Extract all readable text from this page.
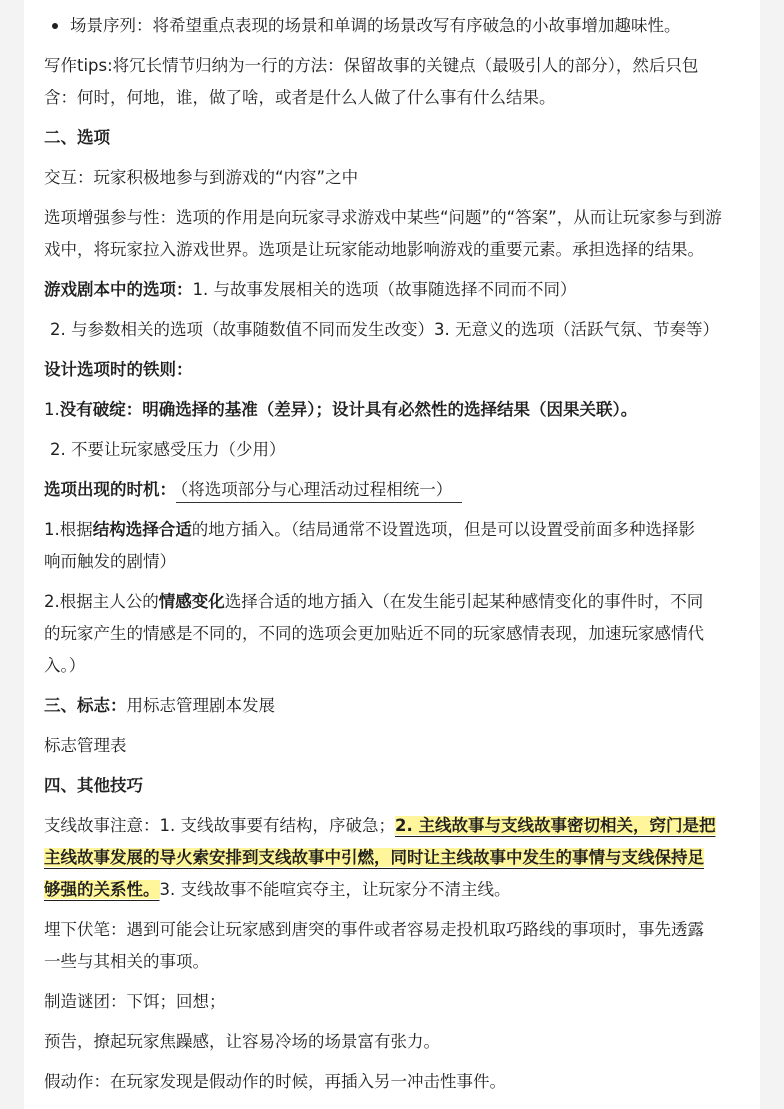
场景序列：将希望重点表现的场景和单调的场景改写有序破急的小故事增加趣味性。
写作tips:将冗长情节归纳为一行的方法：保留故事的关键点（最吸引人的部分），然后只包
含：何时，何地，谁，做了啥，或者是什么人做了什么事有什么结果。
二、选项
交互：玩家积极地参与到游戏的“内容”之中
选项增强参与性：选项的作用是向玩家寻求游戏中某些“问题”的“答案”，从而让玩家参与到游
戏中，将玩家拉入游戏世界。选项是让玩家能动地影响游戏的重要元素。承担选择的结果。
游戏剧本中的选项：1. 与故事发展相关的选项（故事随选择不同而不同）
2. 与参数相关的选项（故事随数值不同而发生改变）3. 无意义的选项（活跃气氛、节奏等）
设计选项时的铁则：
1.没有破绽：明确选择的基准（差异）；设计具有必然性的选择结果（因果关联）。
2. 不要让玩家感受压力（少用）
选项出现的时机： （将选项部分与心理活动过程相统一）
1.根据结构选择合适的地方插入。（结局通常不设置选项，但是可以设置受前面多种选择影
响而触发的剧情）
2.根据主人公的情感变化选择合适的地方插入（在发生能引起某种感情变化的事件时，不同
的玩家产生的情感是不同的，不同的选项会更加贴近不同的玩家感情表现，加速玩家感情代
入。）
三、标志：用标志管理剧本发展
标志管理表
四、其他技巧
支线故事注意：1. 支线故事要有结构，序破急；2. 主线故事与支线故事密切相关，窍门是把
主线故事发展的导火索安排到支线故事中引燃，同时让主线故事中发生的事情与支线保持足
够强的关系性。3. 支线故事不能喧宾夺主，让玩家分不清主线。
埋下伏笔：遇到可能会让玩家感到唐突的事件或者容易走投机取巧路线的事项时，事先透露
一些与其相关的事项。
制造谜团：下饵；回想；
预告，撩起玩家焦躁感，让容易冷场的场景富有张力。
假动作：在玩家发现是假动作的时候，再插入另一冲击性事件。
